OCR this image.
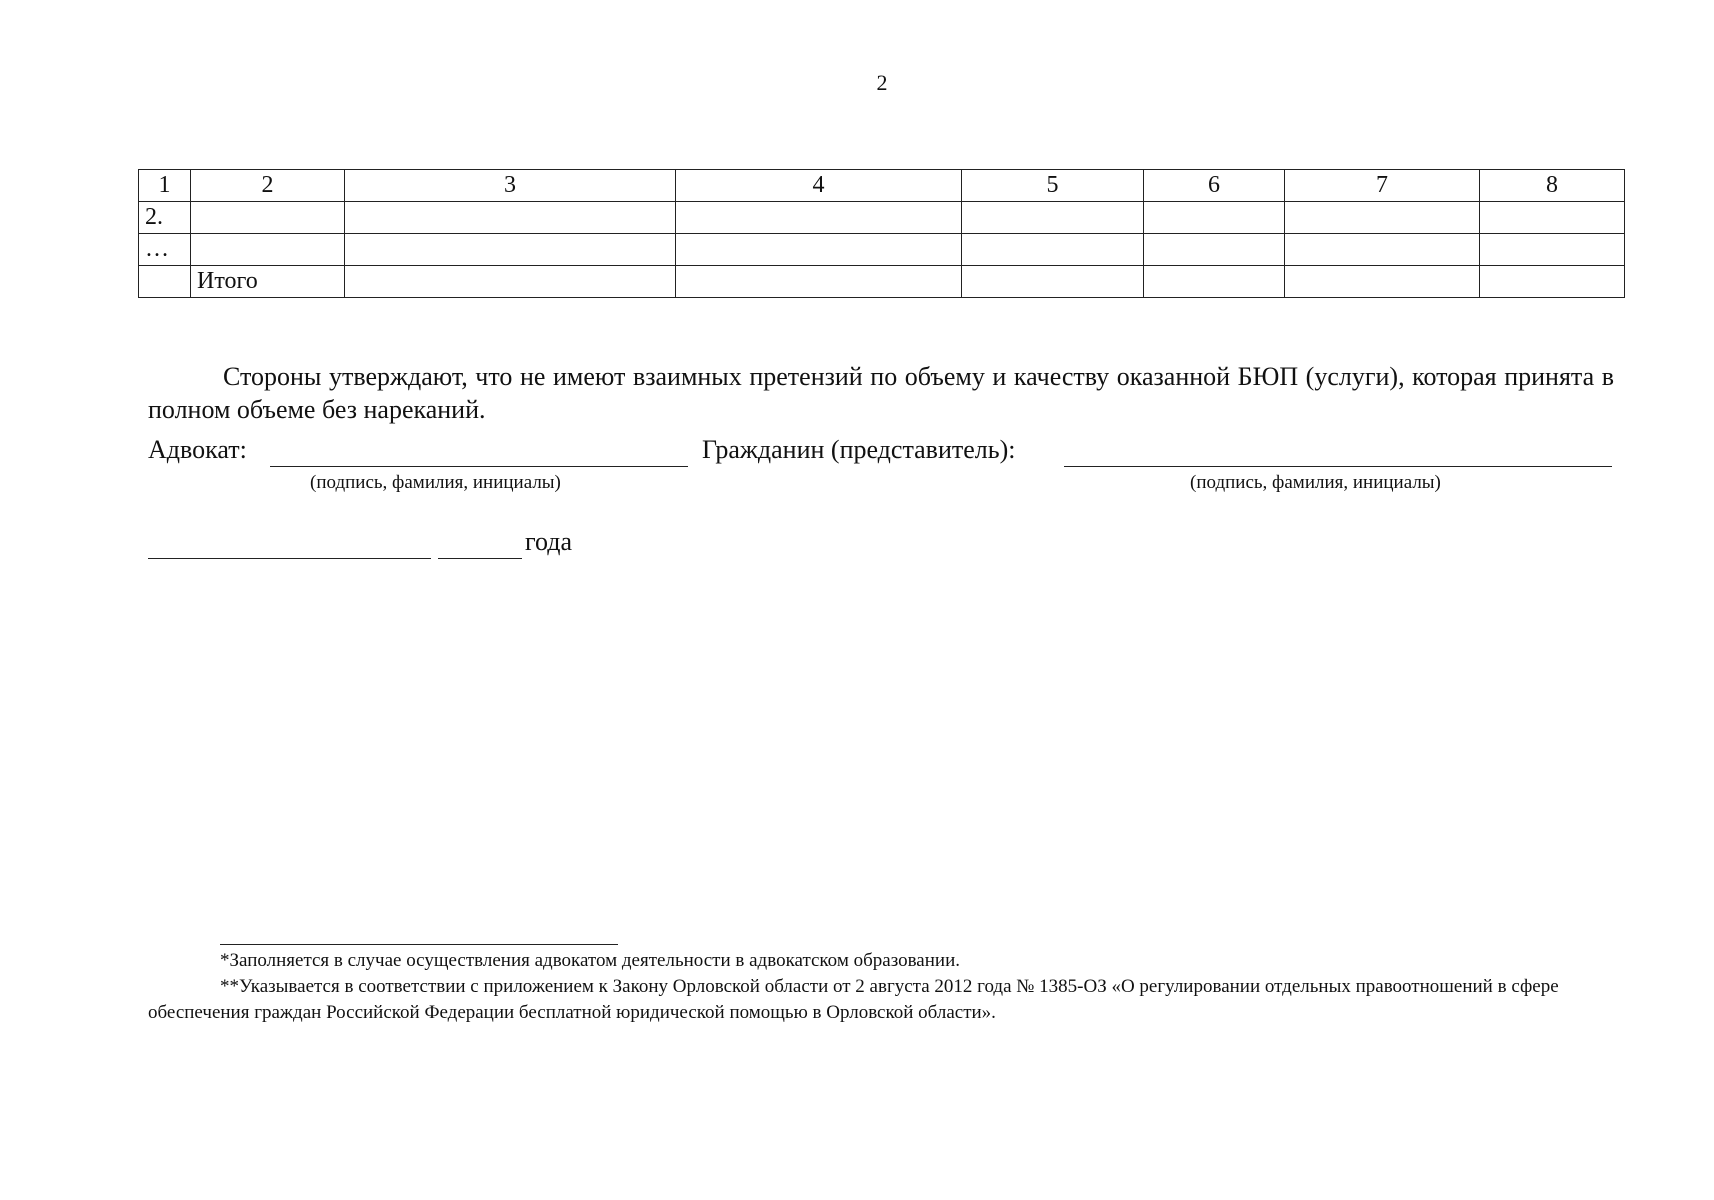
2
1	2	3	4	5	6	7	8
2.							
…							
	Итого						

Стороны утверждают, что не имеют взаимных претензий по объему и качеству оказанной БЮП (услуги), которая принята в полном объеме без нареканий.

Адвокат:
(подпись, фамилия, инициалы)
Гражданин (представитель):
(подпись, фамилия, инициалы)
года

*Заполняется в случае осуществления адвокатом деятельности в адвокатском образовании.

**Указывается в соответствии с приложением к Закону Орловской области от 2 августа 2012 года № 1385-ОЗ «О регулировании отдельных правоотношений в сфере обеспечения граждан Российской Федерации бесплатной юридической помощью в Орловской области».
